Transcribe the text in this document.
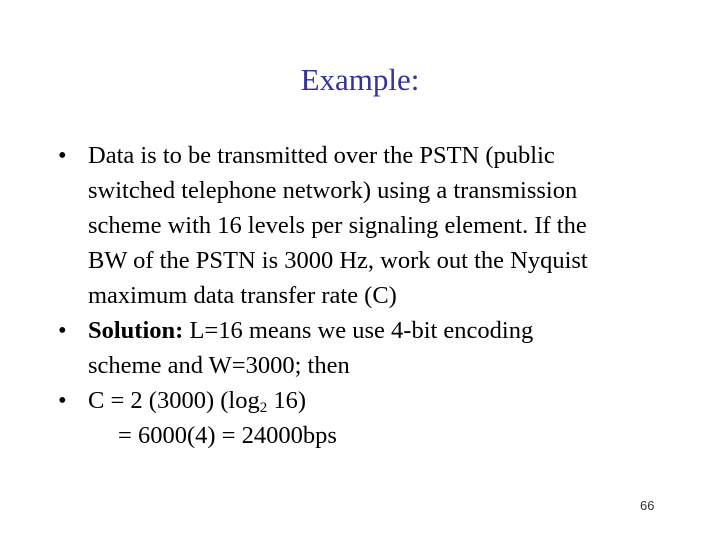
Example:
• Data is to be transmitted over the PSTN (public
switched telephone network) using a transmission
scheme with 16 levels per signaling element. If the
BW of the PSTN is 3000 Hz, work out the Nyquist
maximum data transfer rate (C)
• Solution: L=16 means we use 4-bit encoding
scheme and W=3000; then
• C = 2 (3000) ($\log_2$ 16)
= 6000(4) = 24000bps
66
